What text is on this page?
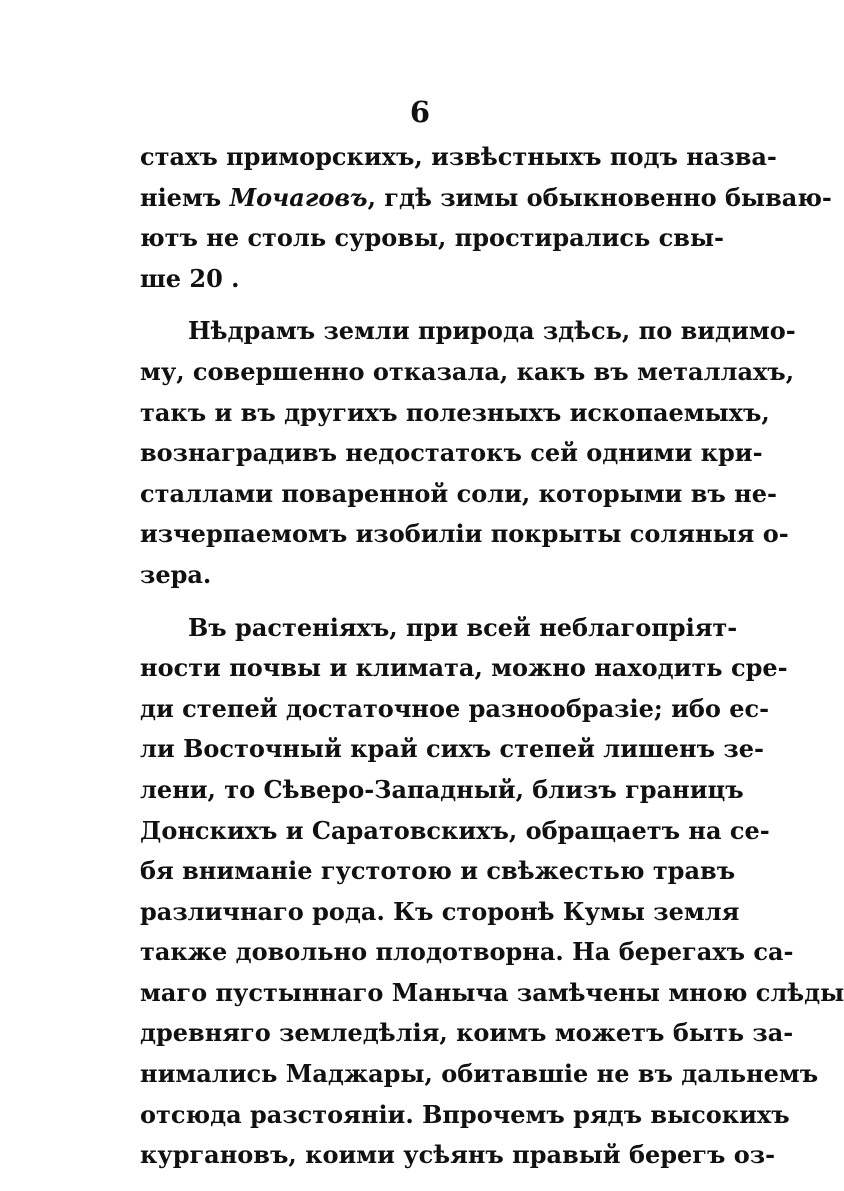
6
стахъ приморскихъ, извѣстныхъ подъ назва-
ніемъ Мочаговъ, гдѣ зимы обыкновенно бываю-
ютъ не столь суровы, простирались свы-
ше 20 .
Нѣдрамъ земли природа здѣсь, по видимо-
му, совершенно отказала, какъ въ металлахъ,
такъ и въ другихъ полезныхъ ископаемыхъ,
вознаградивъ недостатокъ сей одними кри-
сталлами поваренной соли, которыми въ не-
изчерпаемомъ изобиліи покрыты соляныя о-
зера.
Въ растеніяхъ, при всей неблагопріят-
ности почвы и климата, можно находить сре-
ди степей достаточное разнообразіе; ибо ес-
ли Восточный край сихъ степей лишенъ зе-
лени, то Сѣверо-Западный, близъ границъ
Донскихъ и Саратовскихъ, обращаетъ на се-
бя вниманіе густотою и свѣжестью травъ
различнаго рода. Къ сторонѣ Кумы земля
также довольно плодотворна. На берегахъ са-
маго пустыннаго Маныча замѣчены мною слѣды
древняго земледѣлія, коимъ можетъ быть за-
нимались Маджары, обитавшіе не въ дальнемъ
отсюда разстояніи. Впрочемъ рядъ высокихъ
кургановъ, коими усѣянъ правый берегъ оз-
